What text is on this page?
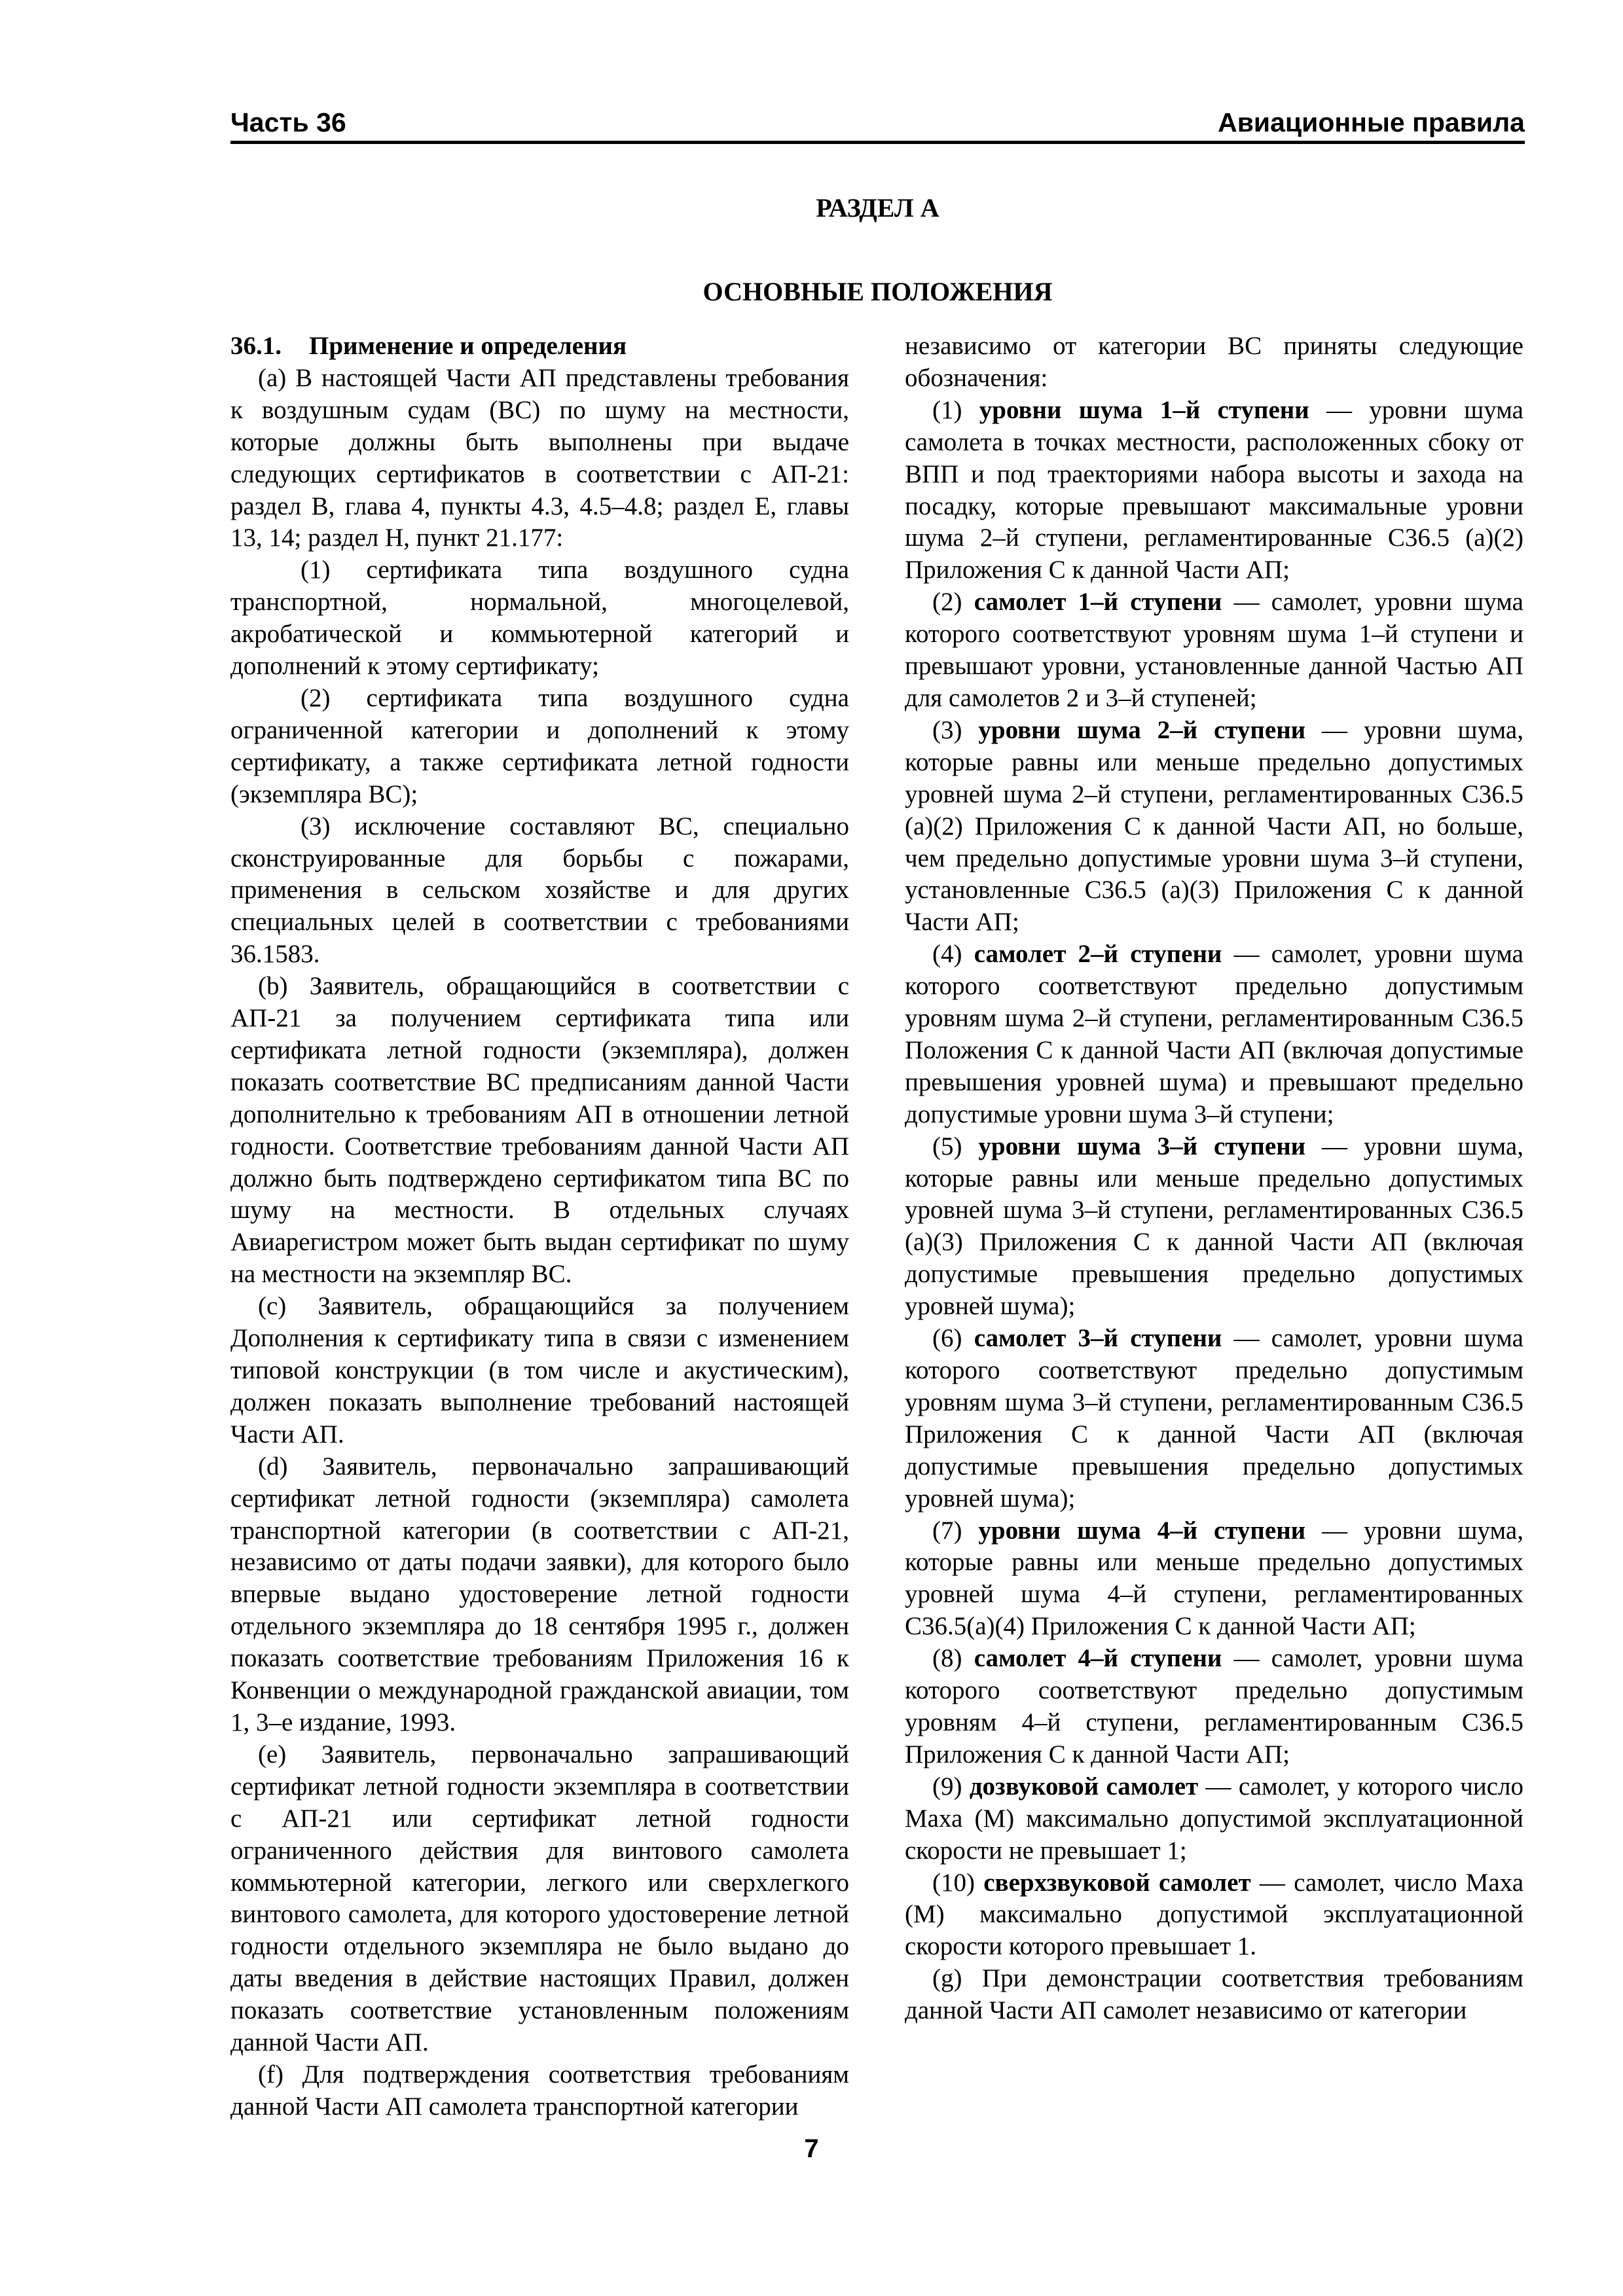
Часть 36	Авиационные правила
РАЗДЕЛ А
ОСНОВНЫЕ ПОЛОЖЕНИЯ

36.1. Применение и определения

(а) В настоящей Части АП представлены требования к воздушным судам (ВС) по шуму на местности, которые должны быть выполнены при выдаче следующих сертификатов в соответствии с АП-21: раздел B, глава 4, пункты 4.3, 4.5–4.8; раздел E, главы 13, 14; раздел H, пункт 21.177:

(1) сертификата типа воздушного судна транспортной, нормальной, многоцелевой, акробатической и коммьютерной категорий и дополнений к этому сертификату;

(2) сертификата типа воздушного судна ограниченной категории и дополнений к этому сертификату, а также сертификата летной годности (экземпляра ВС);

(3) исключение составляют ВС, специально сконструированные для борьбы с пожарами, применения в сельском хозяйстве и для других специальных целей в соответствии с требованиями 36.1583.

(b) Заявитель, обращающийся в соответствии с АП-21 за получением сертификата типа или сертификата летной годности (экземпляра), должен показать соответствие ВС предписаниям данной Части дополнительно к требованиям АП в отношении летной годности. Соответствие требованиям данной Части АП должно быть подтверждено сертификатом типа ВС по шуму на местности. В отдельных случаях Авиарегистром может быть выдан сертификат по шуму на местности на экземпляр ВС.

(c) Заявитель, обращающийся за получением Дополнения к сертификату типа в связи с изменением типовой конструкции (в том числе и акустическим), должен показать выполнение требований настоящей Части АП.

(d) Заявитель, первоначально запрашивающий сертификат летной годности (экземпляра) самолета транспортной категории (в соответствии с АП-21, независимо от даты подачи заявки), для которого было впервые выдано удостоверение летной годности отдельного экземпляра до 18 сентября 1995 г., должен показать соответствие требованиям Приложения 16 к Конвенции о международной гражданской авиации, том 1, 3–е издание, 1993.

(e) Заявитель, первоначально запрашивающий сертификат летной годности экземпляра в соответствии с АП-21 или сертификат летной годности ограниченного действия для винтового самолета коммьютерной категории, легкого или сверхлегкого винтового самолета, для которого удостоверение летной годности отдельного экземпляра не было выдано до даты введения в действие настоящих Правил, должен показать соответствие установленным положениям данной Части АП.

(f) Для подтверждения соответствия требованиям данной Части АП самолета транспортной категории

независимо от категории ВС приняты следующие обозначения:

(1) уровни шума 1–й ступени — уровни шума самолета в точках местности, расположенных сбоку от ВПП и под траекториями набора высоты и захода на посадку, которые превышают максимальные уровни шума 2–й ступени, регламентированные С36.5 (а)(2) Приложения С к данной Части АП;

(2) самолет 1–й ступени — самолет, уровни шума которого соответствуют уровням шума 1–й ступени и превышают уровни, установленные данной Частью АП для самолетов 2 и 3–й ступеней;

(3) уровни шума 2–й ступени — уровни шума, которые равны или меньше предельно допустимых уровней шума 2–й ступени, регламентированных С36.5 (а)(2) Приложения С к данной Части АП, но больше, чем предельно допустимые уровни шума 3–й ступени, установленные С36.5 (а)(3) Приложения С к данной Части АП;

(4) самолет 2–й ступени — самолет, уровни шума которого соответствуют предельно допустимым уровням шума 2–й ступени, регламентированным С36.5 Положения С к данной Части АП (включая допустимые превышения уровней шума) и превышают предельно допустимые уровни шума 3–й ступени;

(5) уровни шума 3–й ступени — уровни шума, которые равны или меньше предельно допустимых уровней шума 3–й ступени, регламентированных С36.5 (а)(3) Приложения С к данной Части АП (включая допустимые превышения предельно допустимых уровней шума);

(6) самолет 3–й ступени — самолет, уровни шума которого соответствуют предельно допустимым уровням шума 3–й ступени, регламентированным С36.5 Приложения С к данной Части АП (включая допустимые превышения предельно допустимых уровней шума);

(7) уровни шума 4–й ступени — уровни шума, которые равны или меньше предельно допустимых уровней шума 4–й ступени, регламентированных С36.5(а)(4) Приложения С к данной Части АП;

(8) самолет 4–й ступени — самолет, уровни шума которого соответствуют предельно допустимым уровням 4–й ступени, регламентированным С36.5 Приложения С к данной Части АП;

(9) дозвуковой самолет — самолет, у которого число Маха (М) максимально допустимой эксплуатационной скорости не превышает 1;

(10) сверхзвуковой самолет — самолет, число Маха (М) максимально допустимой эксплуатационной скорости которого превышает 1.

(g) При демонстрации соответствия требованиям данной Части АП самолет независимо от категории

7
